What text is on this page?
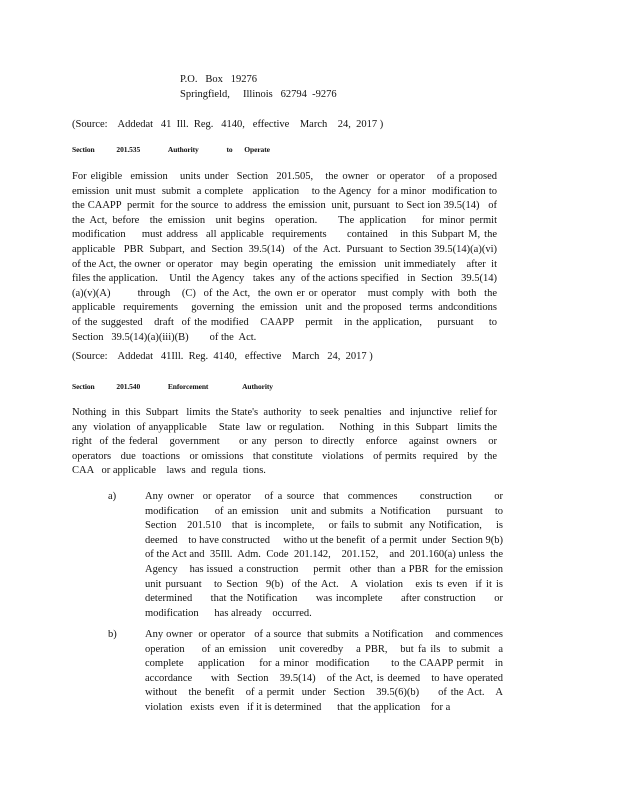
P.O.   Box   19276
Springfield,     Illinois   62794  -9276
(Source:    Addedat   41  Ill.  Reg.   4140,   effective    March    24,  2017 )
Section	201.535	Authority	to Operate
For eligible  emission   units under  Section  201.505,   the owner  or operator   of a proposed emission  unit must  submit  a complete   application    to the Agency  for a minor  modification to the CAAPP  permit  for the source  to address  the emission  unit, pursuant  to Sect ion 39.5(14)   of the Act, before  the emission  unit begins  operation.    The application   for minor permit  modification    must address  all applicable  requirements     contained   in this Subpart M, the applicable   PBR  Subpart,  and  Section  39.5(14)   of the  Act.  Pursuant  to Section 39.5(14)(a)(vi)     of the Act, the owner  or operator   may  begin  operating   the  emission   unit immediately    after  it files the application.    Until  the Agency   takes  any  of the actions specified   in  Section   39.5(14)(a)(v)(A)       through   (C)  of the Act,  the own er or operator   must comply  with  both  the applicable   requirements     governing   the  emission   unit  and  the proposed   terms  andconditions    of the suggested   draft  of the modified   CAAPP   permit   in the application,    pursuant    to Section   39.5(14)(a)(iii)(B)        of the  Act.
(Source:    Addedat   41Ill.  Reg.  4140,   effective    March   24,  2017 )
Section	201.540	Enforcement	Authority
Nothing  in  this  Subpart   limits  the State's  authority   to seek  penalties   and  injunctive   relief for any  violation  of anyapplicable    State  law  or regulation.     Nothing   in this  Subpart   limits the right  of the federal   government     or any  person  to directly   enforce   against  owners   or operators   due  toactions   or omissions   that constitute   violations   of permits  required   by  the CAA   or applicable    laws  and  regula  tions.
a)	Any owner  or operator   of a source  that  commences     construction     or modification    of an emission   unit and submits  a Notification    pursuant   to Section   201.510   that  is incomplete,    or fails to submit  any Notification,    is deemed    to have constructed     witho ut the benefit  of a permit  under  Section 9(b)  of the Act and  35Ill.  Adm.  Code  201.142,    201.152,    and  201.160(a) unless  the  Agency    has issued  a construction     permit   other  than  a PBR  for the emission   unit pursuant   to Section  9(b)  of the Act.   A  violation   exis ts even  if it is determined     that the Notification     was incomplete     after construction     or modification      has already    occurred.
b)	Any owner  or operator   of a source  that submits  a Notification    and commences     operation    of an emission   unit coveredby   a PBR,   but fa ils  to submit  a complete    application    for a minor  modification      to the CAAPP permit   in accordance     with  Section   39.5(14)   of the Act, is deemed   to have operated    without   the benefit   of a permit  under  Section   39.5(6)(b)     of the Act.   A violation   exists  even   if it is determined      that  the application    for a
